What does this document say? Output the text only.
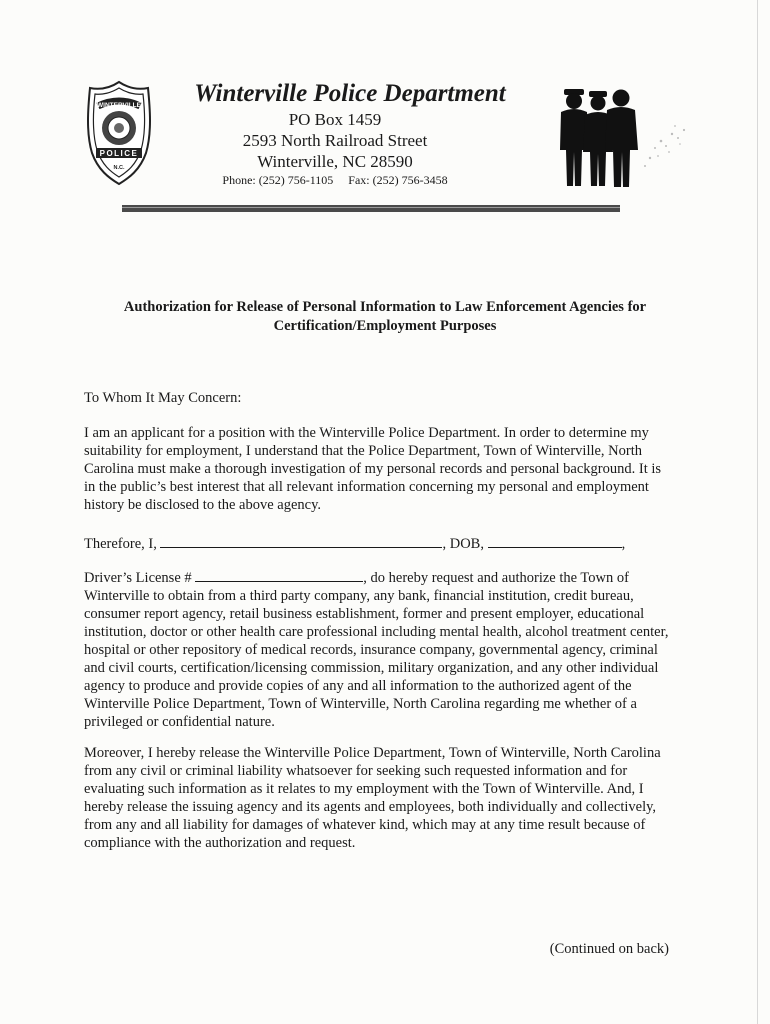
WINTERVILLE
POLICE
N.C.
Winterville Police Department

PO Box 1459

2593 North Railroad Street

Winterville, NC 28590

Phone: (252) 756-1105 Fax: (252) 756-3458
Authorization for Release of Personal Information to Law Enforcement Agencies for Certification/Employment Purposes

To Whom It May Concern:

I am an applicant for a position with the Winterville Police Department. In order to determine my suitability for employment, I understand that the Police Department, Town of Winterville, North Carolina must make a thorough investigation of my personal records and personal background. It is in the public’s best interest that all relevant information concerning my personal and employment history be disclosed to the above agency.

Therefore, I,	, DOB,	,

Driver’s License #	, do hereby request and authorize the Town of Winterville to obtain from a third party company, any bank, financial institution, credit bureau, consumer report agency, retail business establishment, former and present employer, educational institution, doctor or other health care professional including mental health, alcohol treatment center, hospital or other repository of medical records, insurance company, governmental agency, criminal and civil courts, certification/licensing commission, military organization, and any other individual agency to produce and provide copies of any and all information to the authorized agent of the Winterville Police Department, Town of Winterville, North Carolina regarding me whether of a privileged or confidential nature.

Moreover, I hereby release the Winterville Police Department, Town of Winterville, North Carolina from any civil or criminal liability whatsoever for seeking such requested information and for evaluating such information as it relates to my employment with the Town of Winterville. And, I hereby release the issuing agency and its agents and employees, both individually and collectively, from any and all liability for damages of whatever kind, which may at any time result because of compliance with the authorization and request.

(Continued on back)
